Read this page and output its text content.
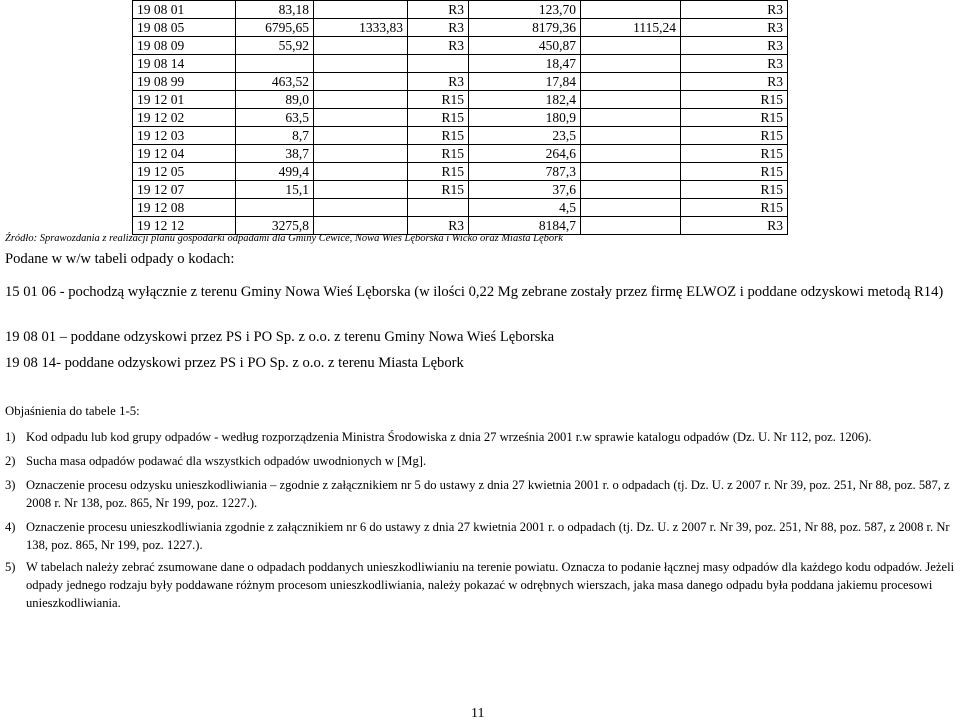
19 08 01	83,18		R3	123,70		R3
19 08 05	6795,65	1333,83	R3	8179,36	1115,24	R3
19 08 09	55,92		R3	450,87		R3
19 08 14				18,47		R3
19 08 99	463,52		R3	17,84		R3
19 12 01	89,0		R15	182,4		R15
19 12 02	63,5		R15	180,9		R15
19 12 03	8,7		R15	23,5		R15
19 12 04	38,7		R15	264,6		R15
19 12 05	499,4		R15	787,3		R15
19 12 07	15,1		R15	37,6		R15
19 12 08				4,5		R15
19 12 12	3275,8		R3	8184,7		R3
Źródło: Sprawozdania z realizacji planu gospodarki odpadami dla Gminy Cewice, Nowa Wieś Lęborska i Wicko oraz Miasta Lębork
Podane w w/w tabeli odpady o kodach:
15 01 06 - pochodzą wyłącznie z terenu Gminy Nowa Wieś Lęborska (w ilości 0,22 Mg zebrane zostały przez firmę ELWOZ i poddane odzyskowi metodą R14)
19 08 01 – poddane odzyskowi przez PS i PO Sp. z o.o. z terenu Gminy Nowa Wieś Lęborska
19 08 14- poddane odzyskowi przez PS i PO Sp. z o.o. z terenu Miasta Lębork
Objaśnienia do tabele 1-5:
1) Kod odpadu lub kod grupy odpadów - według rozporządzenia Ministra Środowiska z dnia 27 września 2001 r.w sprawie katalogu odpadów (Dz. U. Nr 112, poz. 1206).
2) Sucha masa odpadów podawać dla wszystkich odpadów uwodnionych w [Mg].
3) Oznaczenie procesu odzysku unieszkodliwiania – zgodnie z załącznikiem nr 5 do ustawy z dnia 27 kwietnia 2001 r. o odpadach (tj. Dz. U. z 2007 r. Nr 39, poz. 251, Nr 88, poz. 587, z 2008 r. Nr 138, poz. 865, Nr 199, poz. 1227.).
4) Oznaczenie procesu unieszkodliwiania zgodnie z załącznikiem nr 6 do ustawy z dnia 27 kwietnia 2001 r. o odpadach (tj. Dz. U. z 2007 r. Nr 39, poz. 251, Nr 88, poz. 587, z 2008 r. Nr 138, poz. 865, Nr 199, poz. 1227.).
5) W tabelach należy zebrać zsumowane dane o odpadach poddanych unieszkodliwianiu na terenie powiatu. Oznacza to podanie łącznej masy odpadów dla każdego kodu odpadów. Jeżeli odpady jednego rodzaju były poddawane różnym procesom unieszkodliwiania, należy pokazać w odrębnych wierszach, jaka masa danego odpadu była poddana jakiemu procesowi unieszkodliwiania.
11
